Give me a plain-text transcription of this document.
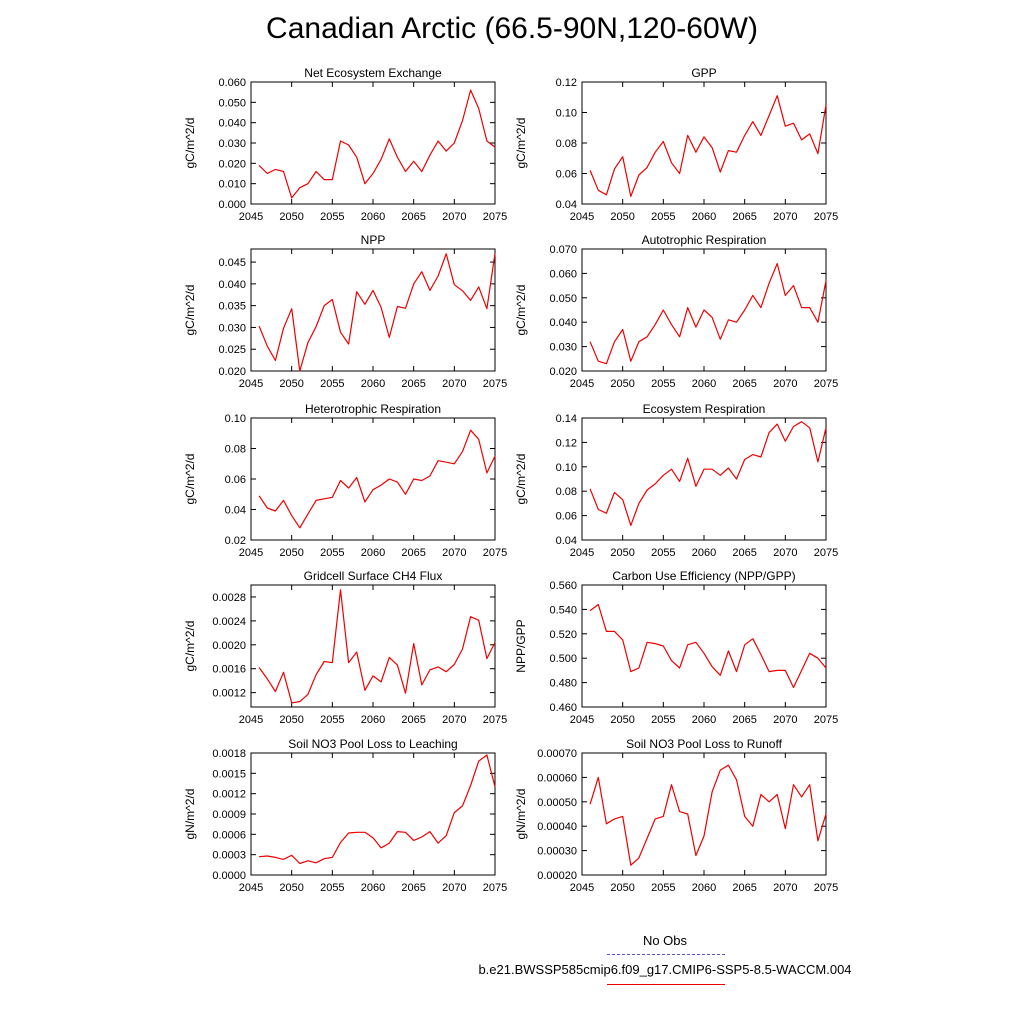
Canadian Arctic (66.5-90N,120-60W)
2045 2050 2055 2060 2065 2070 2075
0.000
0.010
0.020
0.030
0.040
0.050
0.060
Net Ecosystem Exchange
gC/m^2/d
2045 2050 2055 2060 2065 2070 2075
0.04
0.06
0.08
0.10
0.12
GPP
gC/m^2/d
2045 2050 2055 2060 2065 2070 2075
0.020
0.025
0.030
0.035
0.040
0.045
NPP
gC/m^2/d
2045 2050 2055 2060 2065 2070 2075
0.020
0.030
0.040
0.050
0.060
0.070
Autotrophic Respiration
gC/m^2/d
2045 2050 2055 2060 2065 2070 2075
0.02
0.04
0.06
0.08
0.10
Heterotrophic Respiration
gC/m^2/d
2045 2050 2055 2060 2065 2070 2075
0.04
0.06
0.08
0.10
0.12
0.14
Ecosystem Respiration
gC/m^2/d
2045 2050 2055 2060 2065 2070 2075
0.0012
0.0016
0.0020
0.0024
0.0028
Gridcell Surface CH4 Flux
gC/m^2/d
2045 2050 2055 2060 2065 2070 2075
0.460
0.480
0.500
0.520
0.540
0.560
Carbon Use Efficiency (NPP/GPP)
NPP/GPP
2045 2050 2055 2060 2065 2070 2075
0.0000
0.0003
0.0006
0.0009
0.0012
0.0015
0.0018
Soil NO3 Pool Loss to Leaching
gN/m^2/d
2045 2050 2055 2060 2065 2070 2075
0.00020
0.00030
0.00040
0.00050
0.00060
0.00070
Soil NO3 Pool Loss to Runoff
gN/m^2/d
No Obs
b.e21.BWSSP585cmip6.f09_g17.CMIP6-SSP5-8.5-WACCM.004
